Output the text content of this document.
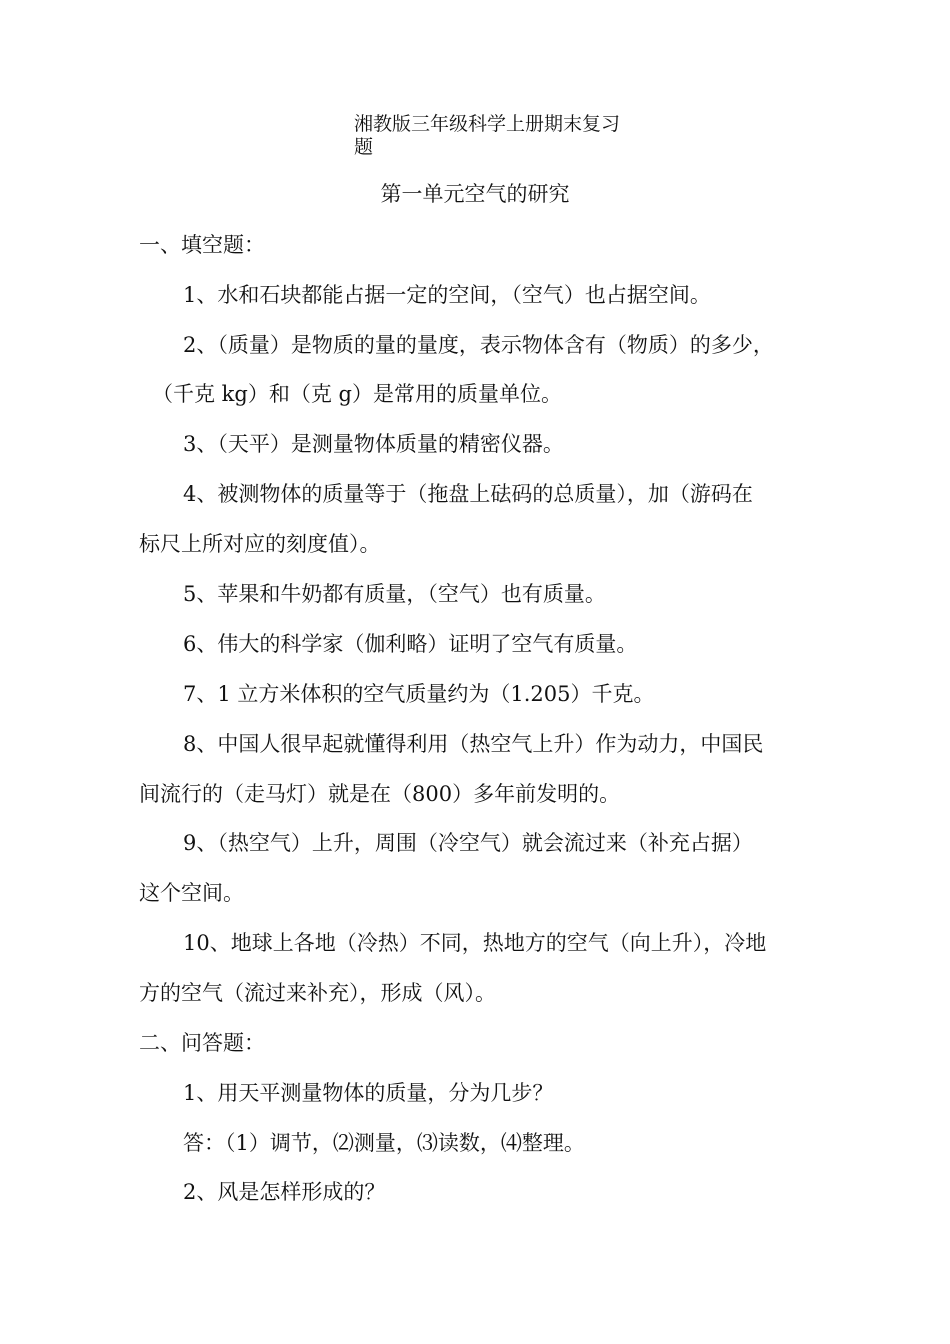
湘教版三年级科学上册期末复习
题
第一单元空气的研究
一、填空题：
1、水和石块都能占据一定的空间，（空气）也占据空间。
2、（质量）是物质的量的量度，表示物体含有（物质）的多少，
（千克 kg）和（克 g）是常用的质量单位。
3、（天平）是测量物体质量的精密仪器。
4、被测物体的质量等于（拖盘上砝码的总质量），加（游码在
标尺上所对应的刻度值）。
5、苹果和牛奶都有质量，（空气）也有质量。
6、伟大的科学家（伽利略）证明了空气有质量。
7、1 立方米体积的空气质量约为（1.205）千克。
8、中国人很早起就懂得利用（热空气上升）作为动力，中国民
间流行的（走马灯）就是在（800）多年前发明的。
9、（热空气）上升，周围（冷空气）就会流过来（补充占据）
这个空间。
10、地球上各地（冷热）不同，热地方的空气（向上升），冷地
方的空气（流过来补充），形成（风）。
二、问答题：
1、用天平测量物体的质量，分为几步？
答：（1）调节，⑵测量，⑶读数，⑷整理。
2、风是怎样形成的？
